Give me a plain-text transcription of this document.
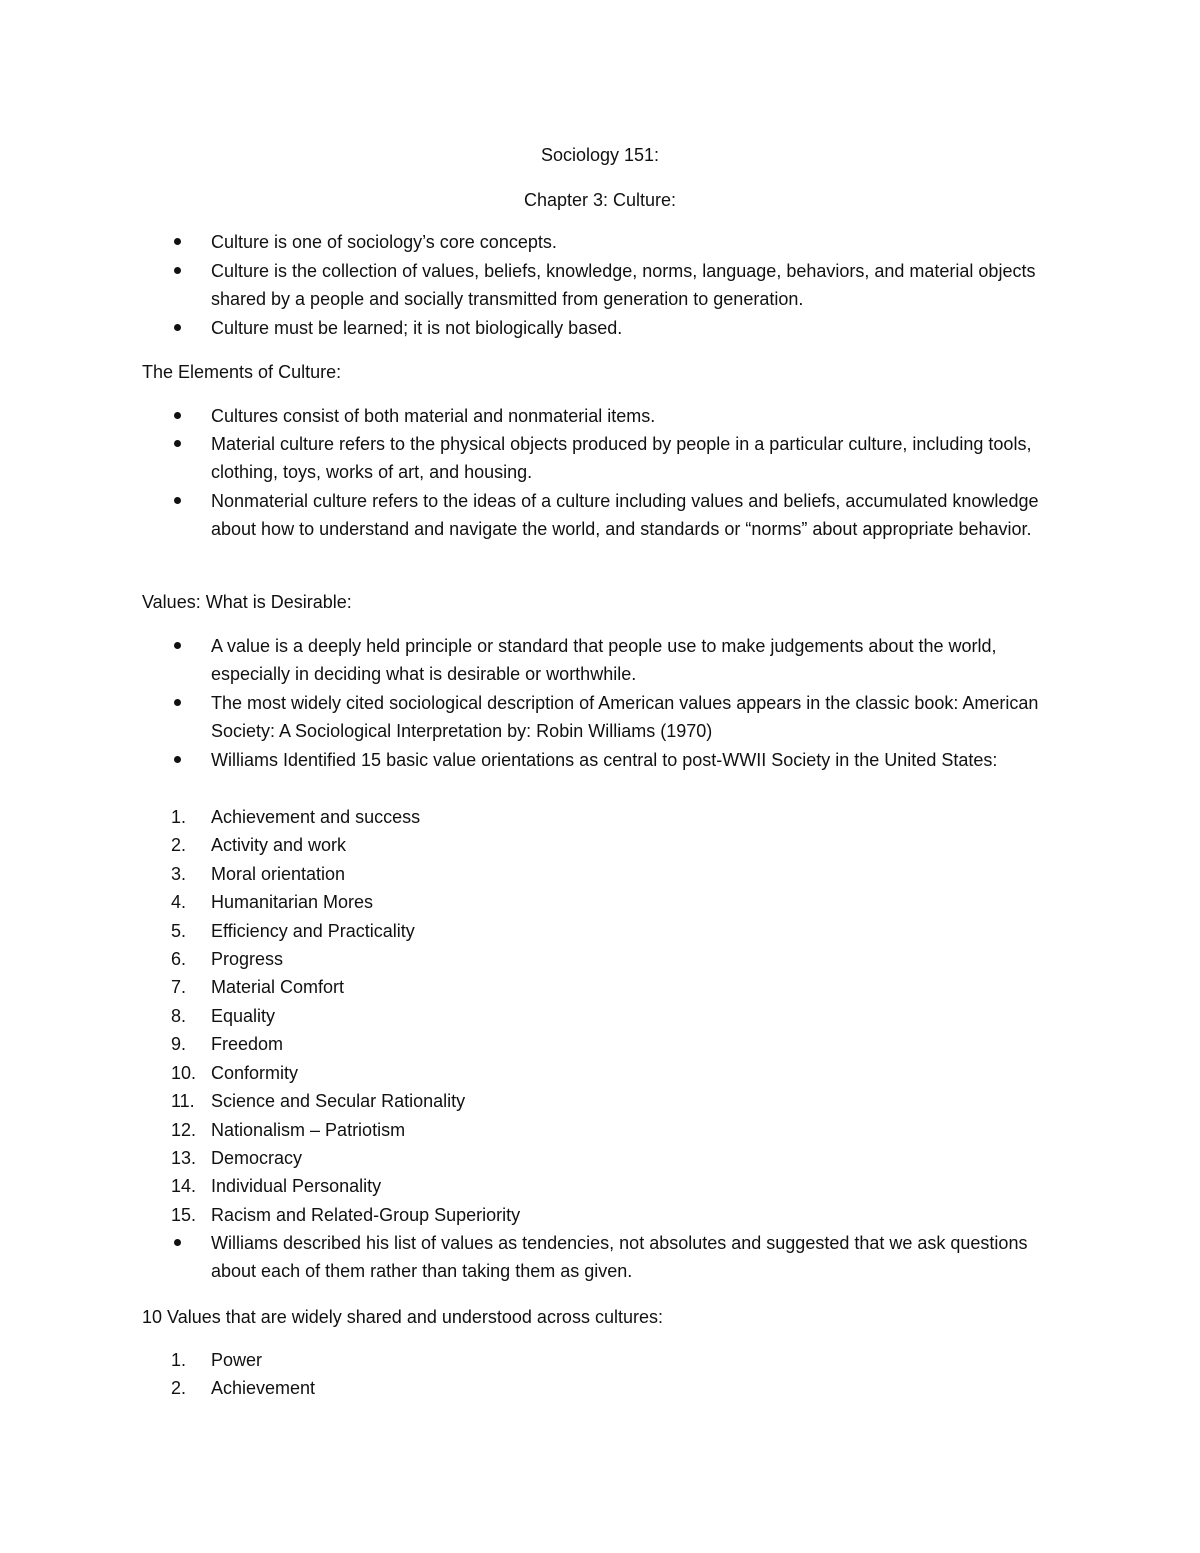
Sociology 151:
Chapter 3: Culture:
Culture is one of sociology’s core concepts.
Culture is the collection of values, beliefs, knowledge, norms, language, behaviors, and material objects shared by a people and socially transmitted from generation to generation.
Culture must be learned; it is not biologically based.
The Elements of Culture:
Cultures consist of both material and nonmaterial items.
Material culture refers to the physical objects produced by people in a particular culture, including tools, clothing, toys, works of art, and housing.
Nonmaterial culture refers to the ideas of a culture including values and beliefs, accumulated knowledge about how to understand and navigate the world, and standards or “norms” about appropriate behavior.
Values: What is Desirable:
A value is a deeply held principle or standard that people use to make judgements about the world, especially in deciding what is desirable or worthwhile.
The most widely cited sociological description of American values appears in the classic book: American Society: A Sociological Interpretation by: Robin Williams (1970)
Williams Identified 15 basic value orientations as central to post-WWII Society in the United States:
1.	Achievement and success
2.	Activity and work
3.	Moral orientation
4.	Humanitarian Mores
5.	Efficiency and Practicality
6.	Progress
7.	Material Comfort
8.	Equality
9.	Freedom
10. Conformity
11. Science and Secular Rationality
12. Nationalism – Patriotism
13. Democracy
14. Individual Personality
15. Racism and Related-Group Superiority
Williams described his list of values as tendencies, not absolutes and suggested that we ask questions about each of them rather than taking them as given.
10 Values that are widely shared and understood across cultures:
1.	Power
2.	Achievement
